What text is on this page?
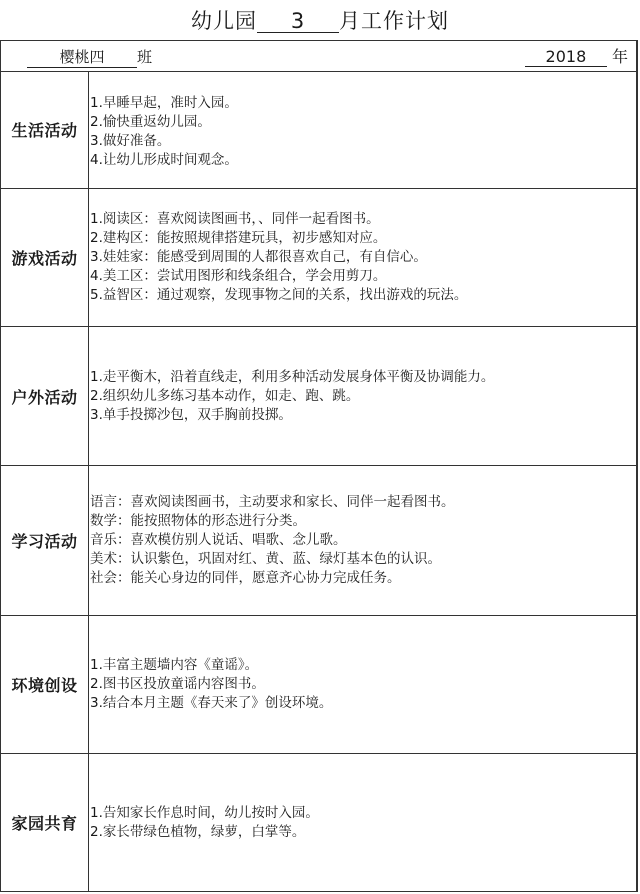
幼儿园 3 月工作计划
樱桃四 班	2018 年
生活活动
1.早睡早起，准时入园。
2.愉快重返幼儿园。
3.做好准备。
4.让幼儿形成时间观念。
游戏活动
1.阅读区：喜欢阅读图画书，、同伴一起看图书。
2.建构区：能按照规律搭建玩具，初步感知对应。
3.娃娃家：能感受到周围的人都很喜欢自己，有自信心。
4.美工区：尝试用图形和线条组合，学会用剪刀。
5.益智区：通过观察，发现事物之间的关系，找出游戏的玩法。
户外活动
1.走平衡木，沿着直线走，利用多种活动发展身体平衡及协调能力。
2.组织幼儿多练习基本动作，如走、跑、跳。
3.单手投掷沙包，双手胸前投掷。
学习活动
语言：喜欢阅读图画书，主动要求和家长、同伴一起看图书。
数学：能按照物体的形态进行分类。
音乐：喜欢模仿别人说话、唱歌、念儿歌。
美术：认识紫色，巩固对红、黄、蓝、绿灯基本色的认识。
社会：能关心身边的同伴，愿意齐心协力完成任务。
环境创设
1.丰富主题墙内容《童谣》。
2.图书区投放童谣内容图书。
3.结合本月主题《春天来了》创设环境。
家园共育
1.告知家长作息时间，幼儿按时入园。
2.家长带绿色植物，绿萝，白掌等。
